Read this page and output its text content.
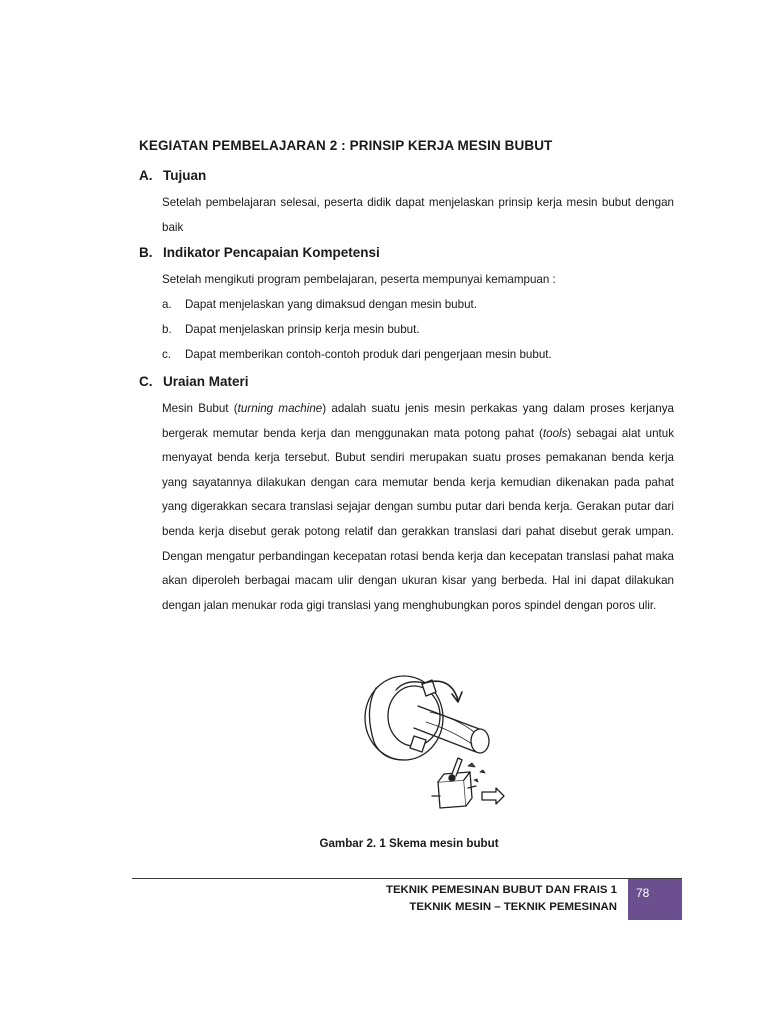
KEGIATAN PEMBELAJARAN 2 : PRINSIP KERJA MESIN BUBUT
A. Tujuan
Setelah pembelajaran selesai, peserta didik dapat menjelaskan prinsip kerja mesin bubut dengan baik
B. Indikator Pencapaian Kompetensi
Setelah mengikuti program pembelajaran, peserta mempunyai kemampuan :
a. Dapat menjelaskan yang dimaksud dengan mesin bubut.
b. Dapat menjelaskan prinsip kerja mesin bubut.
c. Dapat memberikan contoh-contoh produk dari pengerjaan mesin bubut.
C. Uraian Materi
Mesin Bubut (turning machine) adalah suatu jenis mesin perkakas yang dalam proses kerjanya bergerak memutar benda kerja dan menggunakan mata potong pahat (tools) sebagai alat untuk menyayat benda kerja tersebut. Bubut sendiri merupakan suatu proses pemakanan benda kerja yang sayatannya dilakukan dengan cara memutar benda kerja kemudian dikenakan pada pahat yang digerakkan secara translasi sejajar dengan sumbu putar dari benda kerja. Gerakan putar dari benda kerja disebut gerak potong relatif dan gerakkan translasi dari pahat disebut gerak umpan. Dengan mengatur perbandingan kecepatan rotasi benda kerja dan kecepatan translasi pahat maka akan diperoleh berbagai macam ulir dengan ukuran kisar yang berbeda. Hal ini dapat dilakukan dengan jalan menukar roda gigi translasi yang menghubungkan poros spindel dengan poros ulir.
Gambar 2. 1 Skema mesin bubut
TEKNIK PEMESINAN BUBUT DAN FRAIS 1
TEKNIK MESIN – TEKNIK PEMESINAN
78
